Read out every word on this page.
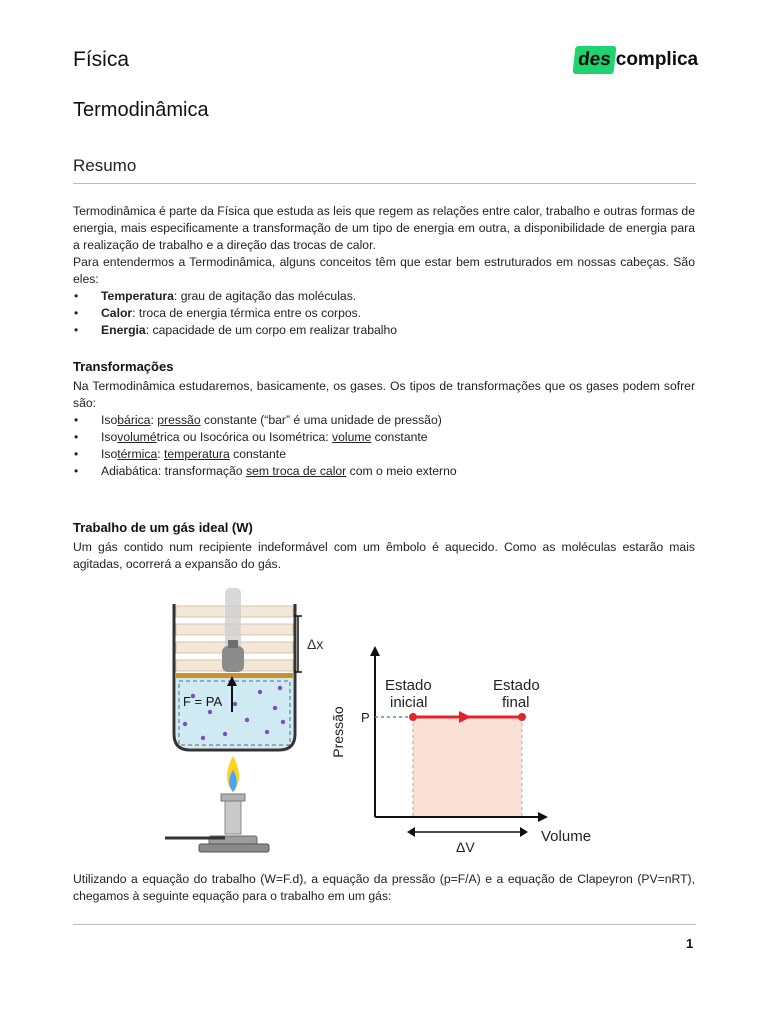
Física	des complica
Termodinâmica
Resumo

Termodinâmica é parte da Física que estuda as leis que regem as relações entre calor, trabalho e outras formas de energia, mais especificamente a transformação de um tipo de energia em outra, a disponibilidade de energia para a realização de trabalho e a direção das trocas de calor.

Para entendermos a Termodinâmica, alguns conceitos têm que estar bem estruturados em nossas cabeças. São eles:

• Temperatura: grau de agitação das moléculas.
• Calor: troca de energia térmica entre os corpos.
• Energia: capacidade de um corpo em realizar trabalho
Transformações

Na Termodinâmica estudaremos, basicamente, os gases. Os tipos de transformações que os gases podem sofrer são:

• Isobárica: pressão constante (“bar” é uma unidade de pressão)
• Isovolumétrica ou Isocórica ou Isométrica: volume constante
• Isotérmica: temperatura constante
• Adiabática: transformação sem troca de calor com o meio externo
Trabalho de um gás ideal (W)

Um gás contido num recipiente indeformável com um êmbolo é aquecido. Como as moléculas estarão mais agitadas, ocorrerá a expansão do gás.

F = PA
Δx
P
Estado
inicial
Estado
final
Pressão
Volume
ΔV

Utilizando a equação do trabalho (W=F.d), a equação da pressão (p=F/A) e a equação de Clapeyron (PV=nRT), chegamos à seguinte equação para o trabalho em um gás:

1
